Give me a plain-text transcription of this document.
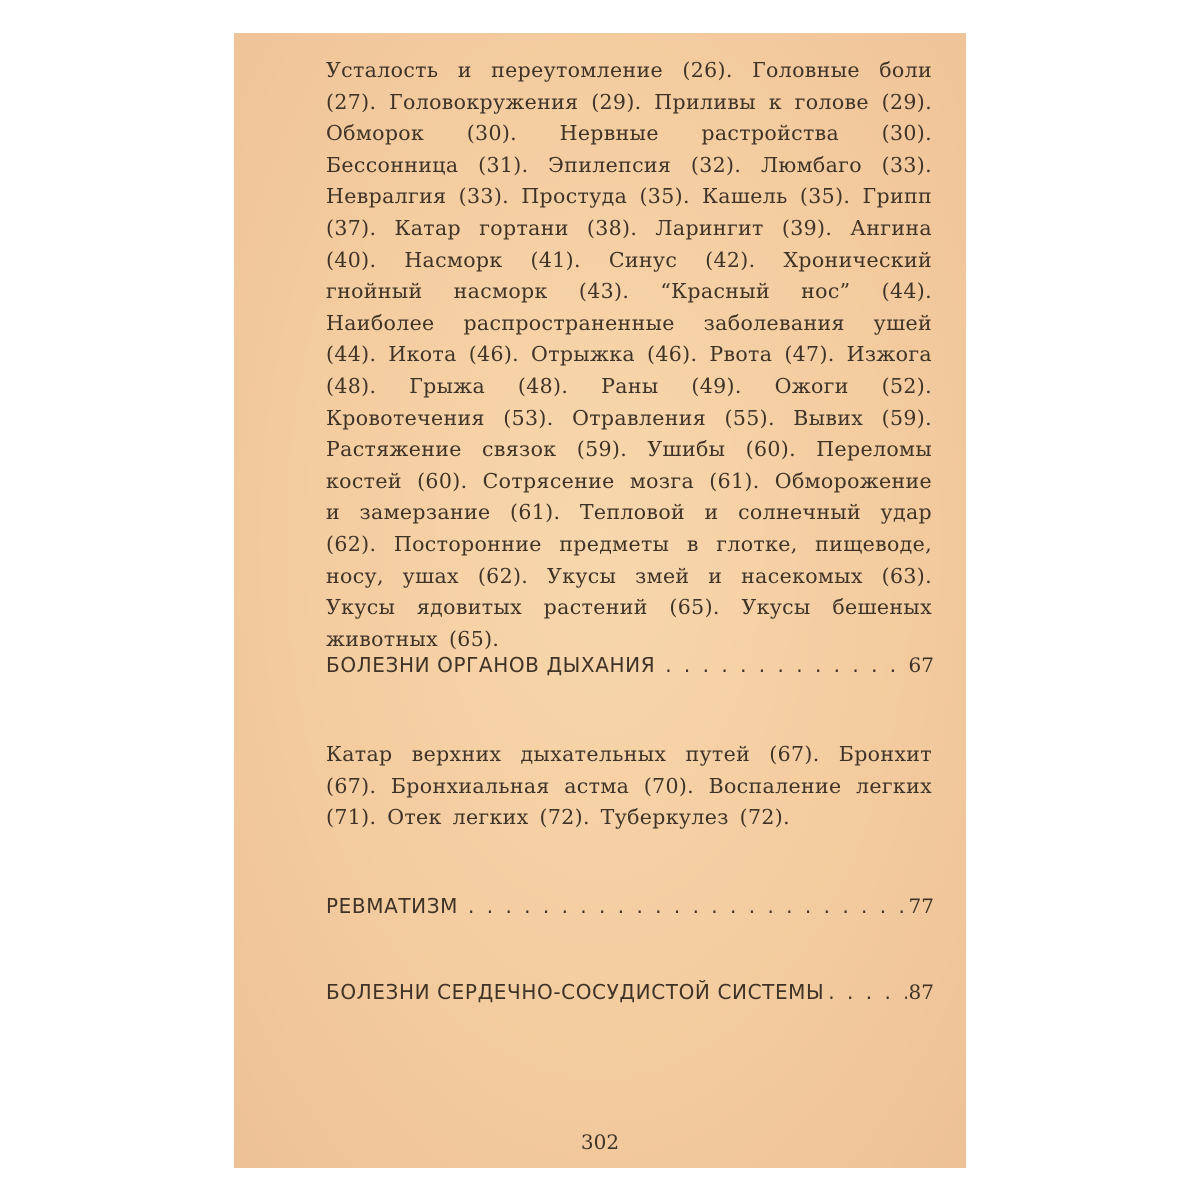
Усталость и переутомление (26). Головные боли (27). Головокружения (29). Приливы к голове (29). Обморок (30). Нервные растройства (30). Бессонница (31). Эпилепсия (32). Люмбаго (33). Невралгия (33). Простуда (35). Кашель (35). Грипп (37). Катар гортани (38). Ларингит (39). Ангина (40). Насморк (41). Синус (42). Хронический гнойный насморк (43). “Красный нос” (44). Наиболее распространенные заболевания ушей (44). Икота (46). Отрыжка (46). Рвота (47). Изжога (48). Грыжа (48). Раны (49). Ожоги (52). Кровотечения (53). Отравления (55). Вывих (59). Растяжение связок (59). Ушибы (60). Переломы костей (60). Сотрясение мозга (61). Обморожение и замерзание (61). Тепловой и солнечный удар (62). Посторонние предметы в глотке, пищеводе, носу, ушах (62). Укусы змей и насекомых (63). Укусы ядовитых растений (65). Укусы бешеных животных (65).

БОЛЕЗНИ ОРГАНОВ ДЫХАНИЯ . . .	67

Катар верхних дыхательных путей (67). Бронхит (67). Бронхиальная астма (70). Воспаление легких (71). Отек легких (72). Туберкулез (72).

РЕВМАТИЗМ . . .	77
БОЛЕЗНИ СЕРДЕЧНО-СОСУДИСТОЙ СИСТЕМЫ . . .	87
302
